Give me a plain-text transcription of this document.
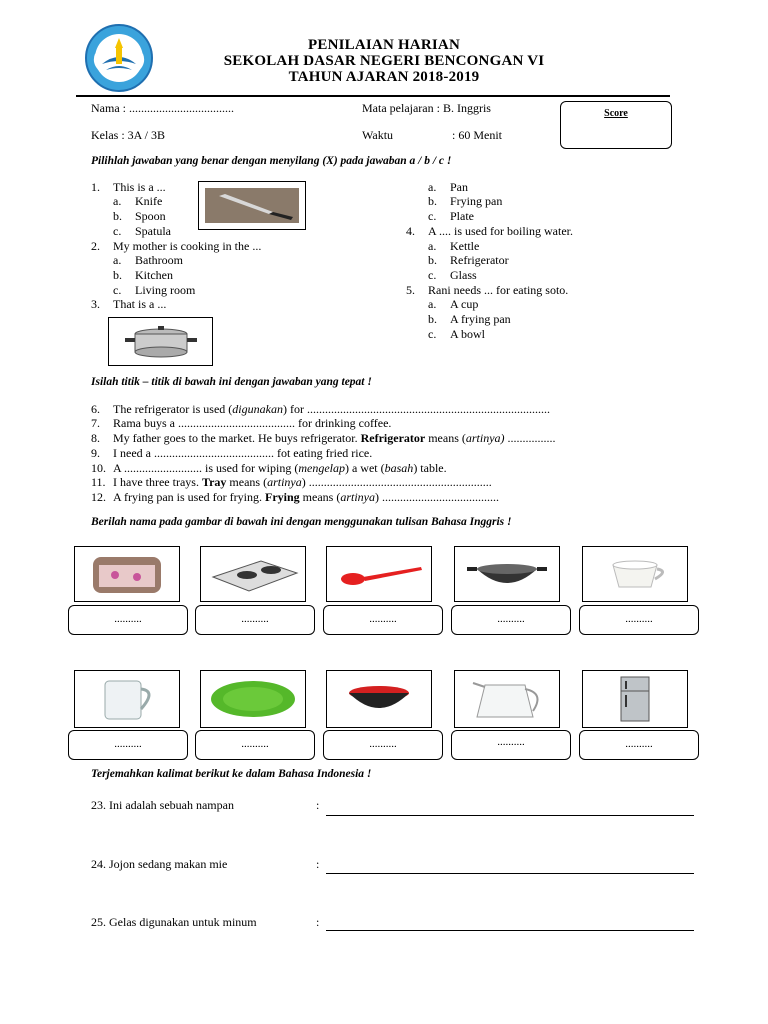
PENILAIAN HARIAN
SEKOLAH DASAR NEGERI BENCONGAN VI
TAHUN AJARAN 2018-2019
Nama : ...................................
Kelas : 3A / 3B
Mata pelajaran : B. Inggris
Waktu	: 60 Menit
Score
Pilihlah jawaban yang benar dengan menyilang (X) pada jawaban a / b / c !
1. This is a ...
a. Knife
b. Spoon
c. Spatula
2. My mother is cooking in the ...
a. Bathroom
b. Kitchen
c. Living room
3. That is a ...
a. Pan
b. Frying pan
c. Plate
4. A .... is used for boiling water.
a. Kettle
b. Refrigerator
c. Glass
5. Rani needs ... for eating soto.
a. A cup
b. A frying pan
c. A bowl
Isilah titik – titik di bawah ini dengan jawaban yang tepat !
6. The refrigerator is used (digunakan) for .................................................................................
7. Rama buys a ....................................... for drinking coffee.
8. My father goes to the market. He buys refrigerator. Refrigerator means (artinya) ................
9. I need a ........................................ fot eating fried rice.
10. A .......................... is used for wiping (mengelap) a wet (basah) table.
11. I have three trays. Tray means (artinya) .............................................................
12. A frying pan is used for frying. Frying means (artinya) .......................................
Berilah nama pada gambar di bawah ini dengan menggunakan tulisan Bahasa Inggris !
..........	..........	..........	..........	..........
..........	..........	..........	..........	..........
Terjemahkan kalimat berikut ke dalam Bahasa Indonesia !
23. Ini adalah sebuah nampan	:
24. Jojon sedang makan mie	:
25. Gelas digunakan untuk minum	:
